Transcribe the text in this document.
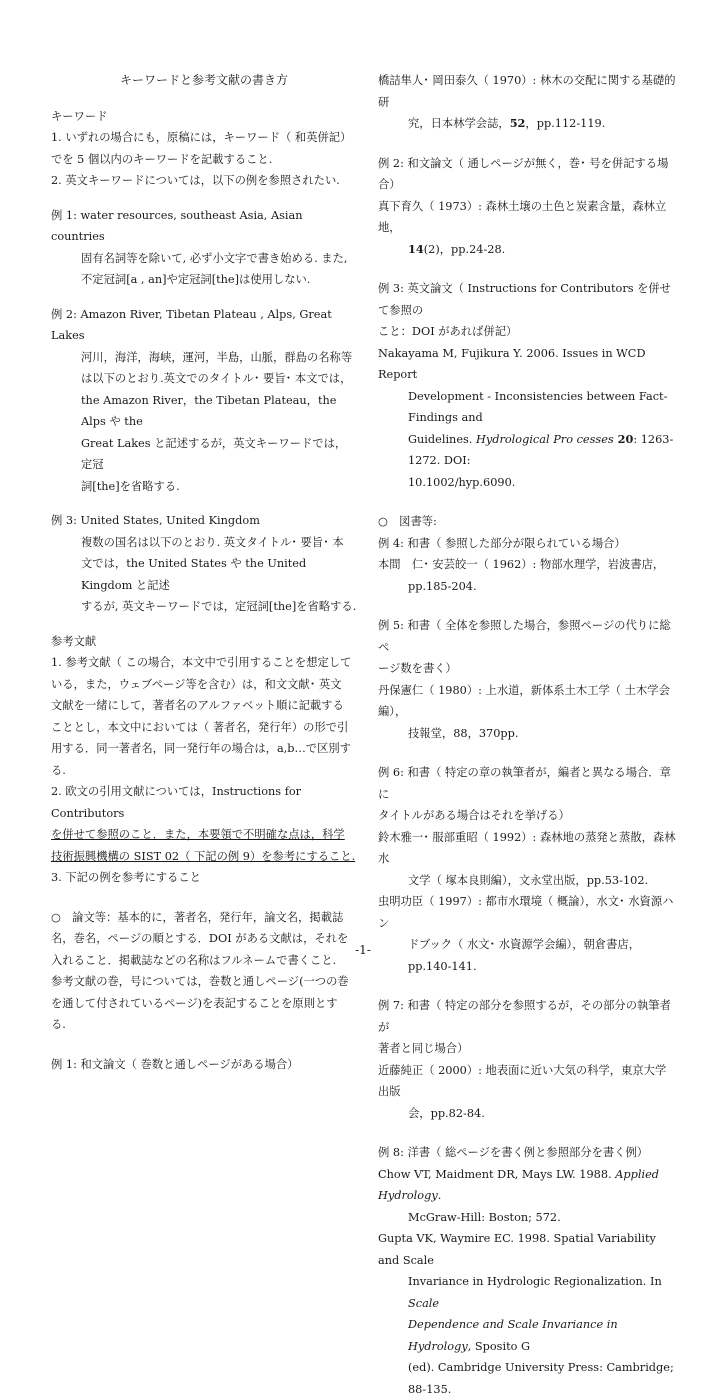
キーワードと参考文献の書き方
キーワード
1. いずれの場合にも，原稿には，キーワード（ 和英併記）
でを 5 個以内のキーワードを記載すること.
2. 英文キーワードについては，以下の例を参照されたい.
例 1: water resources, southeast Asia, Asian countries
固有名詞等を除いて, 必ず小文字で書き始める. また,
不定冠詞[a , an]や定冠詞[the]は使用しない.
例 2: Amazon River, Tibetan Plateau , Alps, Great Lakes
河川，海洋，海峡，運河，半島，山脈，群島の名称等
は以下のとおり.英文でのタイトル･ 要旨･ 本文では，
the Amazon River，the Tibetan Plateau，the Alps や the
Great Lakes と記述するが，英文キーワードでは，定冠
詞[the]を省略する.
例 3: United States, United Kingdom
複数の国名は以下のとおり. 英文タイトル･ 要旨･ 本
文では，the United States や the United Kingdom と記述
するが, 英文キーワードでは，定冠詞[the]を省略する.
参考文献
1. 参考文献（ この場合，本文中で引用することを想定して
いる，また，ウェブページ等を含む）は，和文文献･ 英文
文献を一緒にして，著者名のアルファベット順に記載する
こととし，本文中においては（ 著者名，発行年）の形で引
用する．同一著者名，同一発行年の場合は，a,b…で区別す
る.
2. 欧文の引用文献については，Instructions for Contributors
を併せて参照のこと．また，本要領で不明確な点は，科学
技術振興機構の SIST 02（ 下記の例 9）を参考にすること.
3. 下記の例を参考にすること
○　論文等：基本的に，著者名，発行年，論文名，掲載誌
名，巻名，ページの順とする．DOI がある文献は，それを
入れること．掲載誌などの名称はフルネームで書くこと.
参考文献の巻，号については，巻数と通しページ(一つの巻
を通して付されているページ)を表記することを原則とす
る.
例 1: 和文論文（ 巻数と通しページがある場合）
橋詰隼人･ 岡田泰久（ 1970）: 林木の交配に関する基礎的研
究，日本林学会誌，52，pp.112-119.
例 2: 和文論文（ 通しページが無く，巻･ 号を併記する場合）
真下育久（ 1973）: 森林土壌の土色と炭素含量，森林立地，
14(2)，pp.24-28.
例 3: 英文論文（ Instructions for Contributors を併せて参照の
こと：DOI があれば併記）
Nakayama M, Fujikura Y. 2006. Issues in WCD Report
Development - Inconsistencies between Fact-Findings and
Guidelines. Hydrological Pro cesses 20: 1263-1272. DOI:
10.1002/hyp.6090.
○　図書等:
例 4: 和書（ 参照した部分が限られている場合）
本間　仁･ 安芸皎一（ 1962）: 物部水理学，岩波書店，
pp.185-204.
例 5: 和書（ 全体を参照した場合，参照ページの代りに総ペ
ージ数を書く）
丹保憲仁（ 1980）: 上水道，新体系土木工学（ 土木学会編），
技報堂，88，370pp.
例 6: 和書（ 特定の章の執筆者が，編者と異なる場合．章に
タイトルがある場合はそれを挙げる）
鈴木雅一･ 服部重昭（ 1992）: 森林地の蒸発と蒸散，森林水
文学（ 塚本良則編），文永堂出版，pp.53-102.
虫明功臣（ 1997）: 都市水環境（ 概論），水文･ 水資源ハン
ドブック（ 水文･ 水資源学会編），朝倉書店，pp.140-141.
例 7: 和書（ 特定の部分を参照するが，その部分の執筆者が
著者と同じ場合）
近藤純正（ 2000）: 地表面に近い大気の科学，東京大学出版
会，pp.82-84.
例 8: 洋書（ 総ページを書く例と参照部分を書く例）
Chow VT, Maidment DR, Mays LW. 1988. Applied Hydrology.
McGraw-Hill: Boston; 572.
Gupta VK, Waymire EC. 1998. Spatial Variability and Scale
Invariance in Hydrologic Regionalization. In Scale
Dependence and Scale Invariance in Hydrology, Sposito G
(ed). Cambridge University Press: Cambridge; 88-135.
-1-
